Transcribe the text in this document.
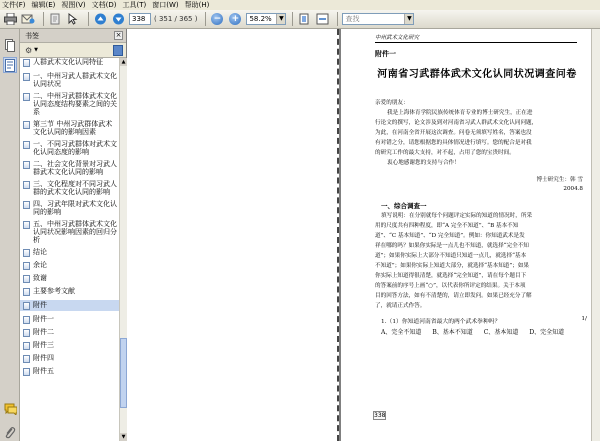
文件(F) 编辑(E) 视图(V) 文档(D) 工具(T) 窗口(W) 帮助(H)
338
( 351 / 365 ) − +	58.2%	▼	查找	▼
书签	×
⚙ ▼
人群武术文化认同特征
一、中州习武人群武术文化认同状况
二、中州习武群体武术文化认同态度结构要素之间的关系
第三节 中州习武群体武术文化认同的影响因素
一、不同习武群体对武术文化认同态度的影响
二、社会文化背景对习武人群武术文化认同的影响
三、文化程度对不同习武人群的武术文化认同的影响
四、习武年限对武术文化认同的影响
五、中州习武群体武术文化认同状况影响因素的回归分析
结论
余论
致谢
主要参考文献
附件
附件一
附件二
附件三
附件四
附件五
▲
▼
中州武术文化研究
附件一
河南省习武群体武术文化认同状况调查问卷
亲爱的朋友：
我是上海体育学院民族传统体育专业的博士研究生，正在进
行论文的撰写，论文涉及到对河南省习武人群武术文化认同问题，
为此，在河南全省开展这次调查。问卷无须填写姓名，答案也没
有对错之分，请您根据您的具体情况进行填写。您的配合是对我
的研究工作的最大支持，对不起，占用了您的宝贵时间。
衷心地感谢您的支持与合作！
博士研究生：韩 雪
2004.8
一、综合调查一
填写说明：在分别就每个问题评定实际的知道的情况时，所采
用的尺度共有四种程度，即“A 完全不知道”、“B 基本不知
道”、“C 基本知道”、“D 完全知道”。例如：你知道武术是发
祥在哪的吗？如果你实际是一点儿也不知道，就选择“完全不知
道”；如果你实际上大部分不知道只知道一点儿，就选择“基本
不知道”；如果你实际上知道大部分，就选择“基本知道”；如果
你实际上知道得很清楚，就选择“完全知道”，请在每个题目下
的答案前的序号上画“○”，以代表你所评定的结果。关于本项
目的回答方法，如有不清楚的，请立即发问。如果已经充分了解
了，就请正式作答。
1.（1）你知道河南省最大的两个武术拳种吗？	1/
A、完全不知道 B、基本不知道 C、基本知道 D、完全知道
338
